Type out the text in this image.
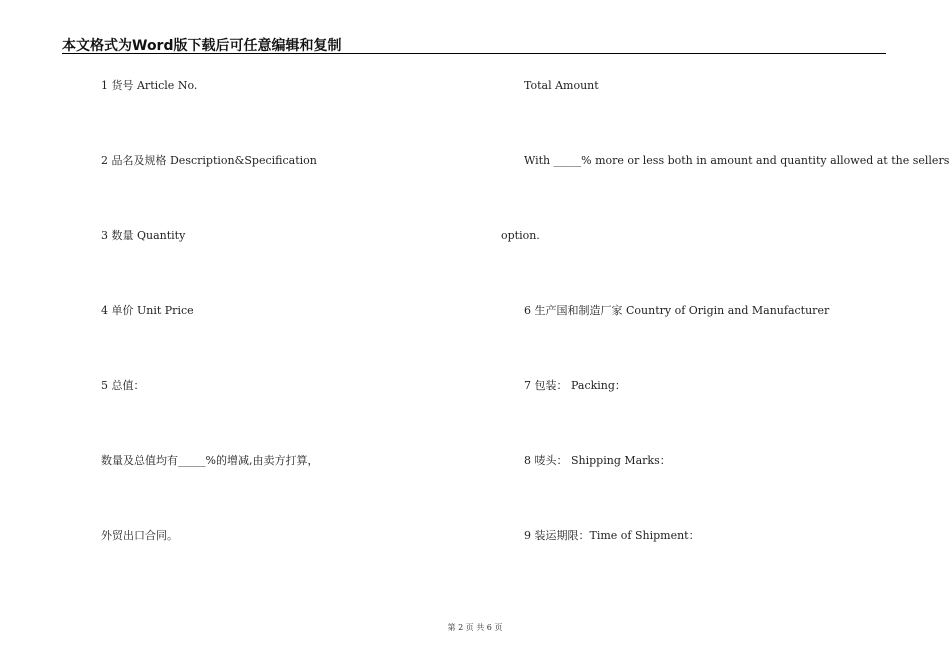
本文格式为Word版下载后可任意编辑和复制
1 货号 Article No.
2 品名及规格 Description&Specification
3 数量 Quantity
4 单价 Unit Price
5 总值：
数量及总值均有_____%的增减,由卖方打算，
外贸出口合同。
Total Amount
With _____% more or less both in amount and quantity allowed at the sellers
option.
6 生产国和制造厂家 Country of Origin and Manufacturer
7 包装： Packing：
8 唛头： Shipping Marks：
9 装运期限：Time of Shipment：
第 2 页 共 6 页
